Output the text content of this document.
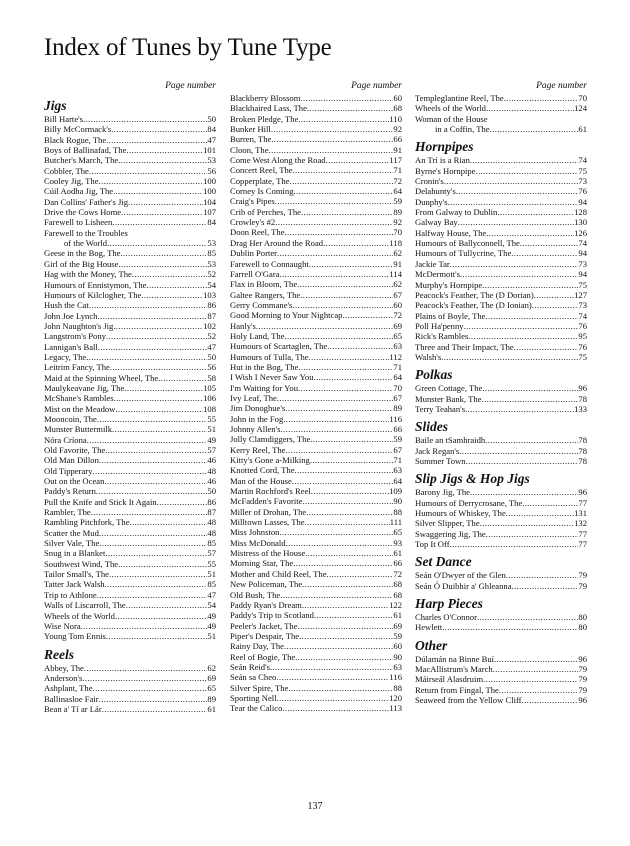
Index of Tunes by Tune Type
Page number
Jigs
Bill Harte's .....	50
Billy McCormack's .....	84
Black Rogue, The .....	47
Boys of Ballinafad, The .....	101
Butcher's March, The .....	53
Cobbler, The .....	56
Cooleу Jig, The .....	100
Cúil Aodha Jig, The .....	100
Dan Collins' Father's Jig .....	104
Drive the Cows Home .....	107
Farewell to Lisheen .....	84
Farewell to the Troubles
of the World .....	53
Geese in the Bog, The .....	85
Girl of the Big House .....	53
Hag with the Money, The .....	52
Humours of Ennistymon, The .....	54
Humours of Kilclogher, The .....	103
Hush the Cat .....	86
John Joe Lynch .....	87
John Naughton's Jig .....	102
Langstrom's Pony .....	52
Lannigan's Ball .....	47
Legacy, The .....	50
Leitrim Fancy, The .....	56
Maid at the Spinning Wheel, The .....	58
Maulykeavane Jig, The .....	105
McShane's Rambles .....	106
Mist on the Meadow .....	108
Mooncoin, The .....	55
Munster Buttermilk .....	51
Nóra Críona .....	49
Old Favorite, The .....	57
Old Man Dillon .....	46
Old Tipperary .....	48
Out on the Ocean .....	46
Paddy's Return .....	50
Pull the Knife and Stick It Again .....	86
Rambler, The .....	87
Rambling Pitchfork, The .....	48
Scatter the Mud .....	48
Silver Vale, The .....	85
Snug in a Blanket .....	57
Southwest Wind, The .....	55
Tailor Small's, The .....	51
Tatter Jack Walsh .....	85
Trip to Athlone .....	47
Walls of Liscarroll, The .....	54
Wheels of the World .....	49
Wise Nora .....	49
Young Tom Ennis .....	51
Reels
Abbey, The .....	62
Anderson's .....	69
Ashplant, The .....	65
Ballinasloe Fair .....	89
Bean a' Tí ar Lár .....	61
Page number
Blackberry Blossom .....	60
Blackhaired Lass, The .....	68
Broken Pledge, The .....	110
Bunker Hill .....	92
Burren, The .....	66
Cloon, The .....	91
Come West Along the Road .....	117
Concert Reel, The .....	71
Copperplate, The .....	72
Corney Is Coming .....	64
Craig's Pipes .....	59
Crib of Perches, The .....	89
Crowley's #2 .....	92
Doon Reel, The .....	70
Drag Her Around the Road .....	118
Dublin Porter .....	62
Farewell to Connaught .....	91
Farrell O'Gara .....	114
Flax in Bloom, The .....	62
Galtee Rangers, The .....	67
Gerry Commane's .....	60
Good Morning to Your Nightcap .....	72
Hanly's .....	69
Holy Land, The .....	65
Humours of Scartaglen, The .....	63
Humours of Tulla, The .....	112
Hut in the Bog, The .....	71
I Wish I Never Saw You .....	64
I'm Waiting for You .....	70
Ivy Leaf, The .....	67
Jim Donoghue's .....	89
John in the Fog .....	116
Johnny Allen's .....	66
Jolly Clamdiggers, The .....	59
Kerry Reel, The .....	67
Kitty's Gone a-Milking .....	71
Knotted Cord, The .....	63
Man of the House .....	64
Martin Rochford's Reel .....	109
McFadden's Favorite .....	90
Miller of Drohan, The .....	88
Milltown Lasses, The .....	111
Miss Johnston .....	65
Miss McDonald .....	93
Mistress of the House .....	61
Morning Star, The .....	66
Mother and Child Reel, The .....	72
New Policeman, The .....	68
Old Bush, The .....	68
Paddy Ryan's Dream .....	122
Paddy's Trip to Scotland .....	61
Peeler's Jacket, The .....	69
Piper's Despair, The .....	59
Rainy Day, The .....	60
Reel of Bogie, The .....	90
Seán Reid's .....	63
Seán sa Cheo .....	116
Silver Spire, The .....	88
Sporting Nell .....	120
Tear the Calico .....	113
Page number
Templeglantine Reel, The .....	70
Wheels of the World .....	124
Woman of the House
in a Coffin, The .....	61
Hornpipes
An Trí is a Rian .....	74
Byrne's Hornpipe .....	75
Cronin's .....	73
Delahunty's .....	76
Dunphy's .....	94
From Galway to Dublin .....	128
Galway Bay .....	130
Halfway House, The .....	126
Humours of Ballyconnell, The .....	74
Humours of Tullycrine, The .....	94
Jackie Tar .....	73
McDermott's .....	94
Murphy's Hornpipe .....	75
Peacock's Feather, The (D Dorian) .....	127
Peacock's Feather, The (D Ionian) .....	73
Plains of Boyle, The .....	74
Poll Ha'penny .....	76
Rick's Rambles .....	95
Three and Their Impact, The .....	76
Walsh's .....	75
Polkas
Green Cottage, The .....	96
Munster Bank, The .....	78
Terry Teahan's .....	133
Slides
Baile an tSamhraidh .....	78
Jack Regan's .....	78
Summer Town .....	78
Slip Jigs & Hop Jigs
Barony Jig, The .....	96
Humours of Derrycrosane, The .....	77
Humours of Whiskey, The .....	131
Silver Slipper, The .....	132
Swaggering Jig, The .....	77
Top It Off .....	77
Set Dance
Seán O'Dwyer of the Glen .....	79
Seán Ó Duibhir a' Ghleanna .....	79
Harp Pieces
Charles O'Connor .....	80
Hewlett .....	80
Other
Dúlamán na Binne Buí .....	96
MacAllistrum's March .....	79
Máirseál Alasdruim .....	79
Return from Fingal, The .....	79
Seaweed from the Yellow Cliff .....	96
137
